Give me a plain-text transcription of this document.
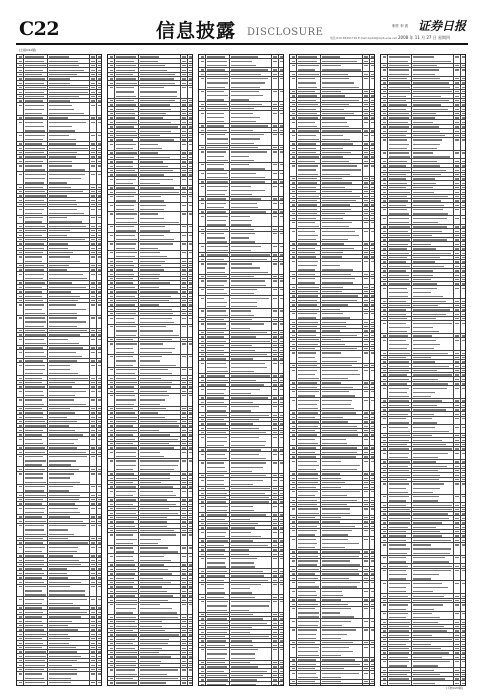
C22	信息披露 DISCLOSURE
制作 李 波
电话:010-83251716 E-mail:zqrb9@zqrb.sina.net
证券日报
2008 年 11 月 27 日 星期四
(上接C21版)
(下转C23版)
